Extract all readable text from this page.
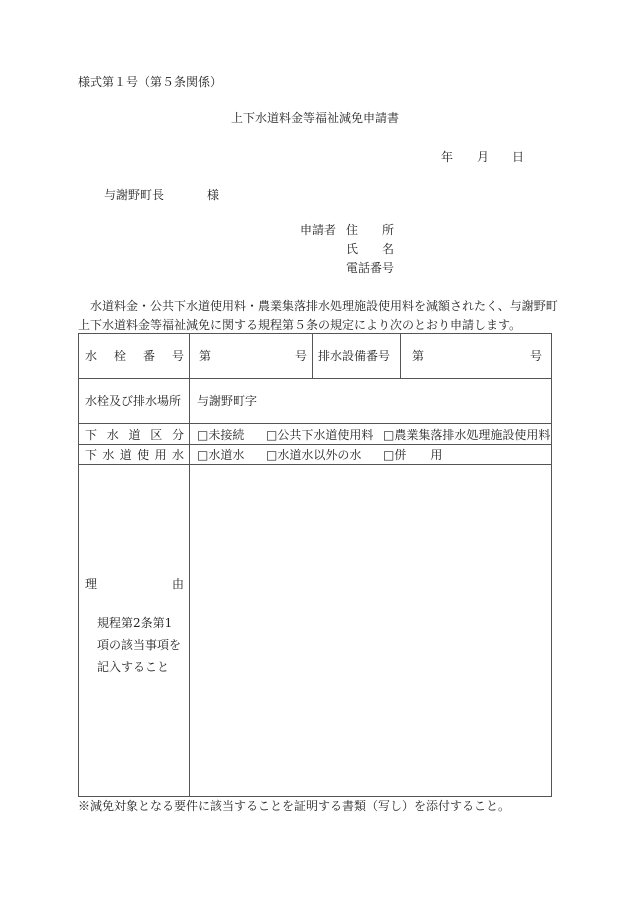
様式第１号（第５条関係）
上下水道料金等福祉減免申請書
年 月 日
与謝野町長	様
申請者 住 所
氏 名
電話番号
　水道料金・公共下水道使用料・農業集落排水処理施設使用料を減額されたく、与謝野町
上下水道料金等福祉減免に関する規程第５条の規定により次のとおり申請します。
水 栓 番 号 第	号 排水設備番号 第	号
水栓及び排水場所 与謝野町字
下 水 道 区 分 □未接続 □公共下水道使用料 □農業集落排水処理施設使用料
下 水 道 使 用 水 □水道水 □水道水以外の水 □併　　用
理	由
規程第2条第1項の該当事項を記入すること
※減免対象となる要件に該当することを証明する書類（写し）を添付すること。
